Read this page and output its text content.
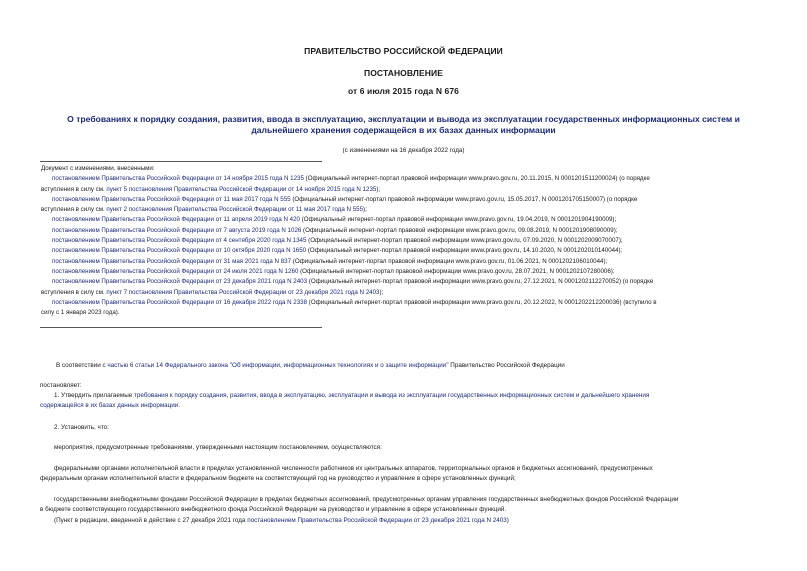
ПРАВИТЕЛЬСТВО РОССИЙСКОЙ ФЕДЕРАЦИИ
ПОСТАНОВЛЕНИЕ
от 6 июля 2015 года N 676
О требованиях к порядку создания, развития, ввода в эксплуатацию, эксплуатации и вывода из эксплуатации государственных информационных систем и
дальнейшего хранения содержащейся в их базах данных информации
(с изменениями на 16 декабря 2022 года)
Документ с изменениями, внесенными:
постановлением Правительства Российской Федерации от 14 ноября 2015 года N 1235 (Официальный интернет-портал правовой информации www.pravo.gov.ru, 20.11.2015, N 0001201511200024) (о порядке
вступления в силу см. пункт 5 постановления Правительства Российской Федерации от 14 ноября 2015 года N 1235);
постановлением Правительства Российской Федерации от 11 мая 2017 года N 555 (Официальный интернет-портал правовой информации www.pravo.gov.ru, 15.05.2017, N 0001201705150007) (о порядке
вступления в силу см. пункт 2 постановления Правительства Российской Федерации от 11 мая 2017 года N 555);
постановлением Правительства Российской Федерации от 11 апреля 2019 года N 420 (Официальный интернет-портал правовой информации www.pravo.gov.ru, 19.04.2019, N 0001201904190009);
постановлением Правительства Российской Федерации от 7 августа 2019 года N 1026 (Официальный интернет-портал правовой информации www.pravo.gov.ru, 09.08.2019, N 0001201908090009);
постановлением Правительства Российской Федерации от 4 сентября 2020 года N 1345 (Официальный интернет-портал правовой информации www.pravo.gov.ru, 07.09.2020, N 0001202009070007);
постановлением Правительства Российской Федерации от 10 октября 2020 года N 1650 (Официальный интернет-портал правовой информации www.pravo.gov.ru, 14.10.2020, N 0001202010140044);
постановлением Правительства Российской Федерации от 31 мая 2021 года N 837 (Официальный интернет-портал правовой информации www.pravo.gov.ru, 01.06.2021, N 0001202106010044);
постановлением Правительства Российской Федерации от 24 июля 2021 года N 1260 (Официальный интернет-портал правовой информации www.pravo.gov.ru, 28.07.2021, N 0001202107280006);
постановлением Правительства Российской Федерации от 23 декабря 2021 года N 2403 (Официальный интернет-портал правовой информации www.pravo.gov.ru, 27.12.2021, N 0001202112270052) (о порядке
вступления в силу см. пункт 7 постановления Правительства Российской Федерации от 23 декабря 2021 года N 2403);
постановлением Правительства Российской Федерации от 16 декабря 2022 года N 2338 (Официальный интернет-портал правовой информации www.pravo.gov.ru, 20.12.2022, N 0001202212200036) (вступило в
силу с 1 января 2023 года).
В соответствии с частью 6 статьи 14 Федерального закона "Об информации, информационных технологиях и о защите информации" Правительство Российской Федерации
постановляет:
1. Утвердить прилагаемые требования к порядку создания, развития, ввода в эксплуатацию, эксплуатации и вывода из эксплуатации государственных информационных систем и дальнейшего хранения
содержащейся в их базах данных информации.
2. Установить, что:
мероприятия, предусмотренные требованиями, утвержденными настоящим постановлением, осуществляются:
федеральными органами исполнительной власти в пределах установленной численности работников их центральных аппаратов, территориальных органов и бюджетных ассигнований, предусмотренных
федеральным органам исполнительной власти в федеральном бюджете на соответствующий год на руководство и управление в сфере установленных функций;
государственными внебюджетными фондами Российской Федерации в пределах бюджетных ассигнований, предусмотренных органам управления государственных внебюджетных фондов Российской Федерации
в бюджете соответствующего государственного внебюджетного фонда Российской Федерации на руководство и управление в сфере установленных функций.
(Пункт в редакции, введенной в действие с 27 декабря 2021 года постановлением Правительства Российской Федерации от 23 декабря 2021 года N 2403)
